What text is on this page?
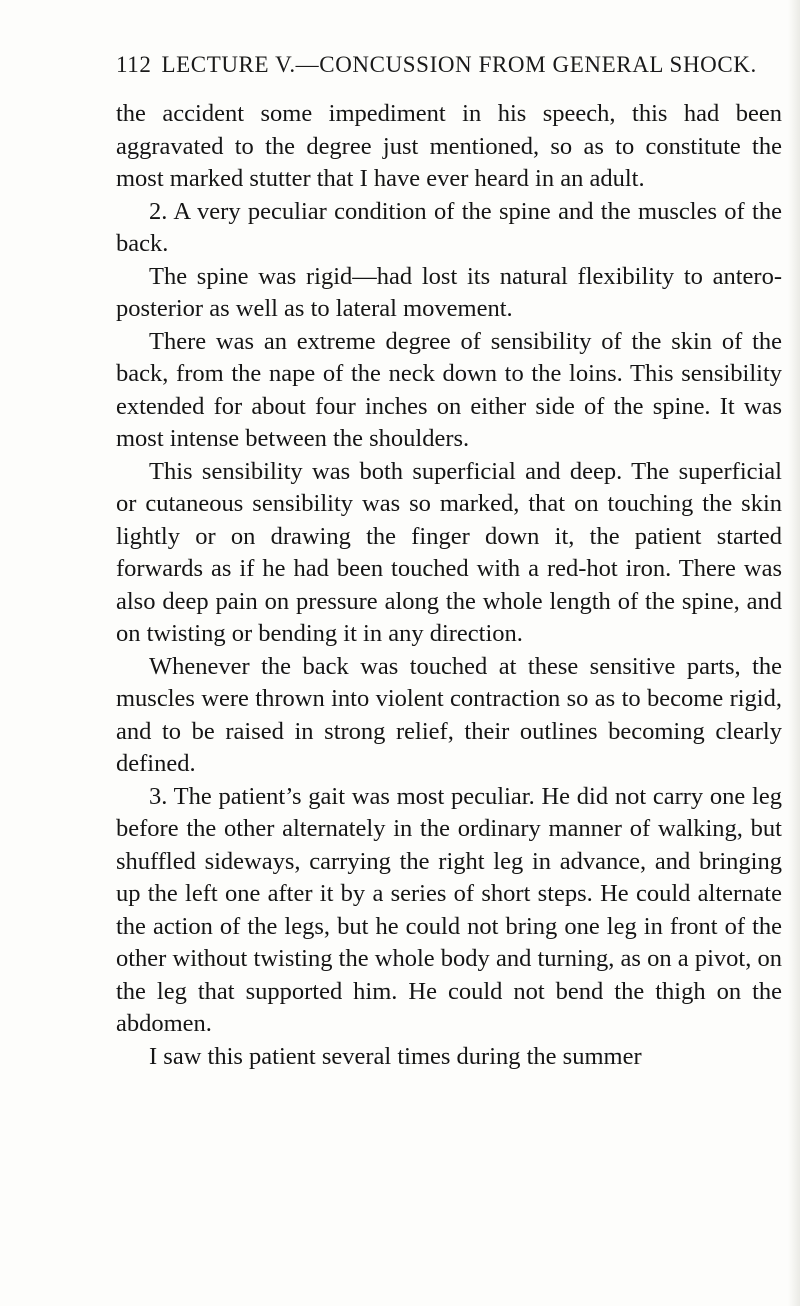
112 LECTURE V.—CONCUSSION FROM GENERAL SHOCK.

the accident some impediment in his speech, this had been aggravated to the degree just mentioned, so as to constitute the most marked stutter that I have ever heard in an adult.

2. A very peculiar condition of the spine and the muscles of the back.

The spine was rigid—had lost its natural flexibility to antero-posterior as well as to lateral movement.

There was an extreme degree of sensibility of the skin of the back, from the nape of the neck down to the loins. This sensibility extended for about four inches on either side of the spine. It was most intense between the shoulders.

This sensibility was both superficial and deep. The superficial or cutaneous sensibility was so marked, that on touching the skin lightly or on drawing the finger down it, the patient started forwards as if he had been touched with a red-hot iron. There was also deep pain on pressure along the whole length of the spine, and on twisting or bending it in any direction.

Whenever the back was touched at these sensitive parts, the muscles were thrown into violent contraction so as to become rigid, and to be raised in strong relief, their outlines becoming clearly defined.

3. The patient’s gait was most peculiar. He did not carry one leg before the other alternately in the ordinary manner of walking, but shuffled sideways, carrying the right leg in advance, and bringing up the left one after it by a series of short steps. He could alternate the action of the legs, but he could not bring one leg in front of the other without twisting the whole body and turning, as on a pivot, on the leg that supported him. He could not bend the thigh on the abdomen.

I saw this patient several times during the summer
